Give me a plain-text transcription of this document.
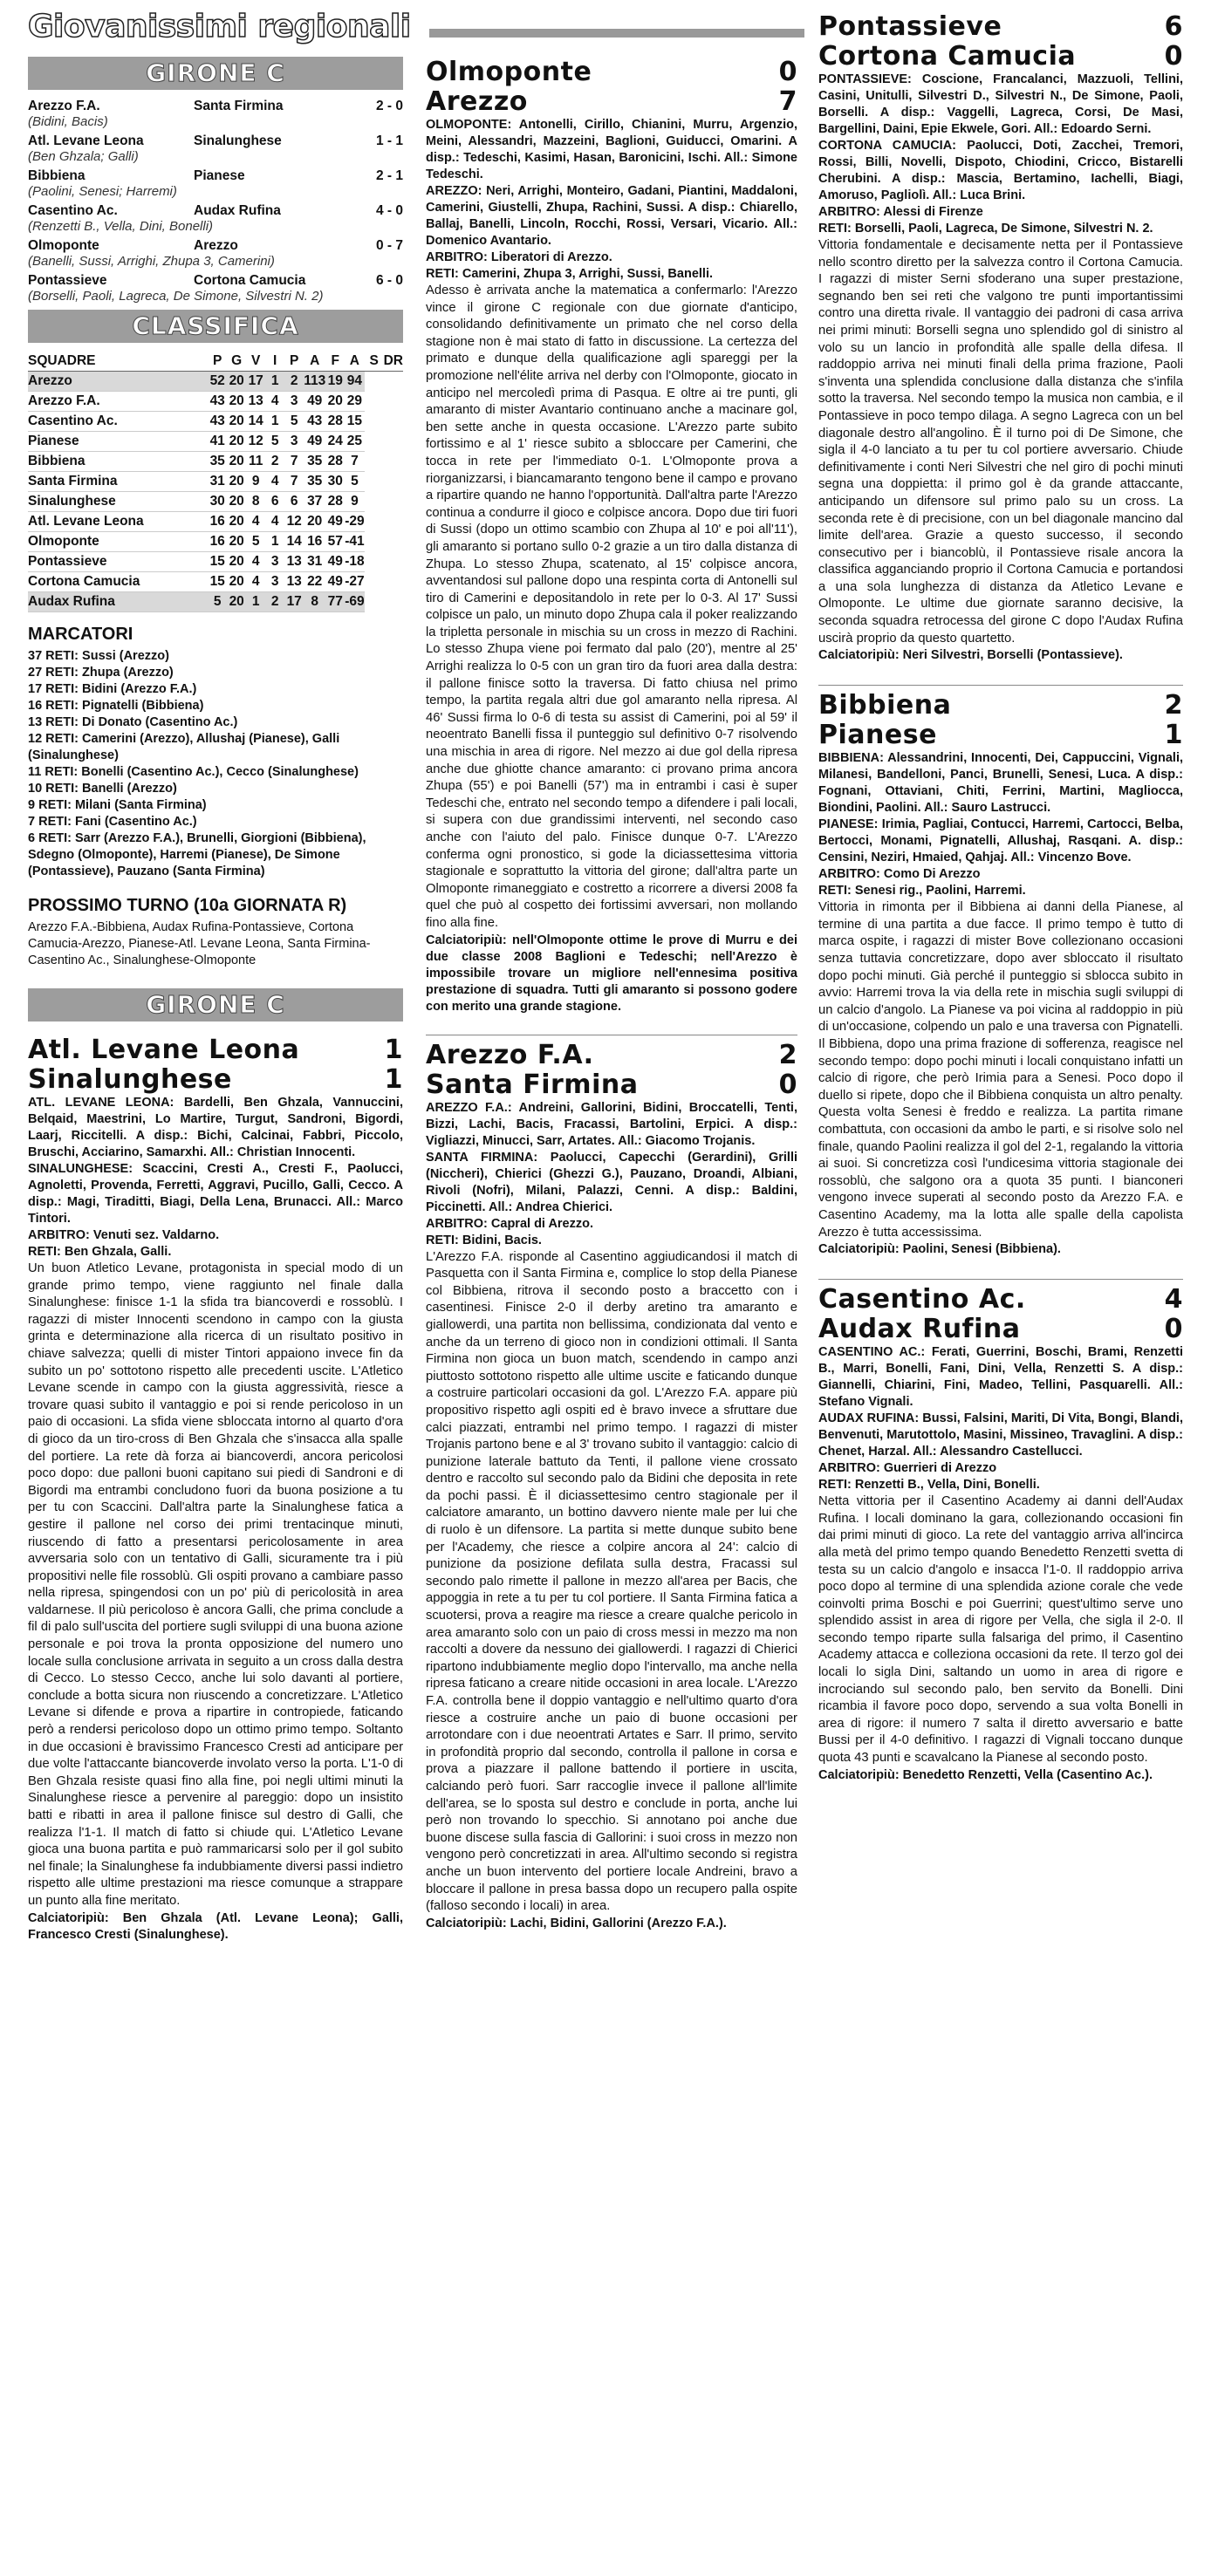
Giovanissimi regionali
GIRONE C
Arezzo F.A.	Santa Firmina	2 - 0
(Bidini, Bacis)
Atl. Levane Leona	Sinalunghese	1 - 1
(Ben Ghzala; Galli)
Bibbiena	Pianese	2 - 1
(Paolini, Senesi; Harremi)
Casentino Ac.	Audax Rufina	4 - 0
(Renzetti B., Vella, Dini, Bonelli)
Olmoponte	Arezzo	0 - 7
(Banelli, Sussi, Arrighi, Zhupa 3, Camerini)
Pontassieve	Cortona Camucia	6 - 0
(Borselli, Paoli, Lagreca, De Simone, Silvestri N. 2)
CLASSIFICA
SQUADRE	P	G	V	I	P	A	F	A	S	DR
Arezzo	52	20	17	1	2	113	19	94		
Arezzo F.A.	43	20	13	4	3	49	20	29		
Casentino Ac.	43	20	14	1	5	43	28	15		
Pianese	41	20	12	5	3	49	24	25		
Bibbiena	35	20	11	2	7	35	28	7		
Santa Firmina	31	20	9	4	7	35	30	5		
Sinalunghese	30	20	8	6	6	37	28	9		
Atl. Levane Leona	16	20	4	4	12	20	49	-29		
Olmoponte	16	20	5	1	14	16	57	-41		
Pontassieve	15	20	4	3	13	31	49	-18		
Cortona Camucia	15	20	4	3	13	22	49	-27		
Audax Rufina	5	20	1	2	17	8	77	-69		
MARCATORI
37 RETI: Sussi (Arezzo)
27 RETI: Zhupa (Arezzo)
17 RETI: Bidini (Arezzo F.A.)
16 RETI: Pignatelli (Bibbiena)
13 RETI: Di Donato (Casentino Ac.)
12 RETI: Camerini (Arezzo), Allushaj (Pianese), Galli (Sinalunghese)
11 RETI: Bonelli (Casentino Ac.), Cecco (Sinalunghese)
10 RETI: Banelli (Arezzo)
9 RETI: Milani (Santa Firmina)
7 RETI: Fani (Casentino Ac.)
6 RETI: Sarr (Arezzo F.A.), Brunelli, Giorgioni (Bibbiena), Sdegno (Olmoponte), Harremi (Pianese), De Simone (Pontassieve), Pauzano (Santa Firmina)
PROSSIMO TURNO (10a GIORNATA R)
Arezzo F.A.-Bibbiena, Audax Rufina-Pontassieve, Cortona Camucia-Arezzo, Pianese-Atl. Levane Leona, Santa Firmina-Casentino Ac., Sinalunghese-Olmoponte
GIRONE C
Atl. Levane Leona	1
Sinalunghese	1
ATL. LEVANE LEONA: Bardelli, Ben Ghzala, Vannuccini, Belqaid, Maestrini, Lo Martire, Turgut, Sandroni, Bigordi, Laarj, Riccitelli. A disp.: Bichi, Calcinai, Fabbri, Piccolo, Bruschi, Acciarino, Samarxhi. All.: Christian Innocenti.
SINALUNGHESE: Scaccini, Cresti A., Cresti F., Paolucci, Agnoletti, Provenda, Ferretti, Aggravi, Pucillo, Galli, Cecco. A disp.: Magi, Tiraditti, Biagi, Della Lena, Brunacci. All.: Marco Tintori.
ARBITRO: Venuti sez. Valdarno.
RETI: Ben Ghzala, Galli.
Un buon Atletico Levane, protagonista in special modo di un grande primo tempo, viene raggiunto nel finale dalla Sinalunghese: finisce 1-1 la sfida tra biancoverdi e rossoblù. I ragazzi di mister Innocenti scendono in campo con la giusta grinta e determinazione alla ricerca di un risultato positivo in chiave salvezza; quelli di mister Tintori appaiono invece fin da subito un po' sottotono rispetto alle precedenti uscite. L'Atletico Levane scende in campo con la giusta aggressività, riesce a trovare quasi subito il vantaggio e poi si rende pericoloso in un paio di occasioni. La sfida viene sbloccata intorno al quarto d'ora di gioco da un tiro-cross di Ben Ghzala che s'insacca alla spalle del portiere. La rete dà forza ai biancoverdi, ancora pericolosi poco dopo: due palloni buoni capitano sui piedi di Sandroni e di Bigordi ma entrambi concludono fuori da buona posizione a tu per tu con Scaccini. Dall'altra parte la Sinalunghese fatica a gestire il pallone nel corso dei primi trentacinque minuti, riuscendo di fatto a presentarsi pericolosamente in area avversaria solo con un tentativo di Galli, sicuramente tra i più propositivi nelle file rossoblù. Gli ospiti provano a cambiare passo nella ripresa, spingendosi con un po' più di pericolosità in area valdarnese. Il più pericoloso è ancora Galli, che prima conclude a fil di palo sull'uscita del portiere sugli sviluppi di una buona azione personale e poi trova la pronta opposizione del numero uno locale sulla conclusione arrivata in seguito a un cross dalla destra di Cecco. Lo stesso Cecco, anche lui solo davanti al portiere, conclude a botta sicura non riuscendo a concretizzare. L'Atletico Levane si difende e prova a ripartire in contropiede, faticando però a rendersi pericoloso dopo un ottimo primo tempo. Soltanto in due occasioni è bravissimo Francesco Cresti ad anticipare per due volte l'attaccante biancoverde involato verso la porta. L'1-0 di Ben Ghzala resiste quasi fino alla fine, poi negli ultimi minuti la Sinalunghese riesce a pervenire al pareggio: dopo un insistito batti e ribatti in area il pallone finisce sul destro di Galli, che realizza l'1-1. Il match di fatto si chiude qui. L'Atletico Levane gioca una buona partita e può rammaricarsi solo per il gol subito nel finale; la Sinalunghese fa indubbiamente diversi passi indietro rispetto alle ultime prestazioni ma riesce comunque a strappare un punto alla fine meritato.
Calciatoripiù: Ben Ghzala (Atl. Levane Leona); Galli, Francesco Cresti (Sinalunghese).
Olmoponte	0
Arezzo	7
OLMOPONTE: Antonelli, Cirillo, Chianini, Murru, Argenzio, Meini, Alessandri, Mazzeini, Baglioni, Guiducci, Omarini. A disp.: Tedeschi, Kasimi, Hasan, Baronicini, Ischi. All.: Simone Tedeschi.
AREZZO: Neri, Arrighi, Monteiro, Gadani, Piantini, Maddaloni, Camerini, Giustelli, Zhupa, Rachini, Sussi. A disp.: Chiarello, Ballaj, Banelli, Lincoln, Rocchi, Rossi, Versari, Vicario. All.: Domenico Avantario.
ARBITRO: Liberatori di Arezzo.
RETI: Camerini, Zhupa 3, Arrighi, Sussi, Banelli.
Adesso è arrivata anche la matematica a confermarlo: l'Arezzo vince il girone C regionale con due giornate d'anticipo, consolidando definitivamente un primato che nel corso della stagione non è mai stato di fatto in discussione. La certezza del primato e dunque della qualificazione agli spareggi per la promozione nell'élite arriva nel derby con l'Olmoponte, giocato in anticipo nel mercoledì prima di Pasqua. E oltre ai tre punti, gli amaranto di mister Avantario continuano anche a macinare gol, ben sette anche in questa occasione. L'Arezzo parte subito fortissimo e al 1' riesce subito a sbloccare per Camerini, che tocca in rete per l'immediato 0-1. L'Olmoponte prova a riorganizzarsi, i biancamaranto tengono bene il campo e provano a ripartire quando ne hanno l'opportunità. Dall'altra parte l'Arezzo continua a condurre il gioco e colpisce ancora. Dopo due tiri fuori di Sussi (dopo un ottimo scambio con Zhupa al 10' e poi all'11'), gli amaranto si portano sullo 0-2 grazie a un tiro dalla distanza di Zhupa. Lo stesso Zhupa, scatenato, al 15' colpisce ancora, avventandosi sul pallone dopo una respinta corta di Antonelli sul tiro di Camerini e depositandolo in rete per lo 0-3. Al 17' Sussi colpisce un palo, un minuto dopo Zhupa cala il poker realizzando la tripletta personale in mischia su un cross in mezzo di Rachini. Lo stesso Zhupa viene poi fermato dal palo (20'), mentre al 25' Arrighi realizza lo 0-5 con un gran tiro da fuori area dalla destra: il pallone finisce sotto la traversa. Di fatto chiusa nel primo tempo, la partita regala altri due gol amaranto nella ripresa. Al 46' Sussi firma lo 0-6 di testa su assist di Camerini, poi al 59' il neoentrato Banelli fissa il punteggio sul definitivo 0-7 risolvendo una mischia in area di rigore. Nel mezzo ai due gol della ripresa anche due ghiotte chance amaranto: ci provano prima ancora Zhupa (55') e poi Banelli (57') ma in entrambi i casi è super Tedeschi che, entrato nel secondo tempo a difendere i pali locali, si supera con due grandissimi interventi, nel secondo caso anche con l'aiuto del palo. Finisce dunque 0-7. L'Arezzo conferma ogni pronostico, si gode la diciassettesima vittoria stagionale e soprattutto la vittoria del girone; dall'altra parte un Olmoponte rimaneggiato e costretto a ricorrere a diversi 2008 fa quel che può al cospetto dei fortissimi avversari, non mollando fino alla fine.
Calciatoripiù: nell'Olmoponte ottime le prove di Murru e dei due classe 2008 Baglioni e Tedeschi; nell'Arezzo è impossibile trovare un migliore nell'ennesima positiva prestazione di squadra. Tutti gli amaranto si possono godere con merito una grande stagione.
Arezzo F.A.	2
Santa Firmina	0
AREZZO F.A.: Andreini, Gallorini, Bidini, Broccatelli, Tenti, Bizzi, Lachi, Bacis, Fracassi, Bartolini, Erpici. A disp.: Vigliazzi, Minucci, Sarr, Artates. All.: Giacomo Trojanis.
SANTA FIRMINA: Paolucci, Capecchi (Gerardini), Grilli (Niccheri), Chierici (Ghezzi G.), Pauzano, Droandi, Albiani, Rivoli (Nofri), Milani, Palazzi, Cenni. A disp.: Baldini, Piccinetti. All.: Andrea Chierici.
ARBITRO: Capral di Arezzo.
RETI: Bidini, Bacis.
L'Arezzo F.A. risponde al Casentino aggiudicandosi il match di Pasquetta con il Santa Firmina e, complice lo stop della Pianese col Bibbiena, ritrova il secondo posto a braccetto con i casentinesi. Finisce 2-0 il derby aretino tra amaranto e giallowerdi, una partita non bellissima, condizionata dal vento e anche da un terreno di gioco non in condizioni ottimali. Il Santa Firmina non gioca un buon match, scendendo in campo anzi piuttosto sottotono rispetto alle ultime uscite e faticando dunque a costruire particolari occasioni da gol. L'Arezzo F.A. appare più propositivo rispetto agli ospiti ed è bravo invece a sfruttare due calci piazzati, entrambi nel primo tempo. I ragazzi di mister Trojanis partono bene e al 3' trovano subito il vantaggio: calcio di punizione laterale battuto da Tenti, il pallone viene crossato dentro e raccolto sul secondo palo da Bidini che deposita in rete da pochi passi. È il diciassettesimo centro stagionale per il calciatore amaranto, un bottino davvero niente male per lui che di ruolo è un difensore. La partita si mette dunque subito bene per l'Academy, che riesce a colpire ancora al 24': calcio di punizione da posizione defilata sulla destra, Fracassi sul secondo palo rimette il pallone in mezzo all'area per Bacis, che appoggia in rete a tu per tu col portiere. Il Santa Firmina fatica a scuotersi, prova a reagire ma riesce a creare qualche pericolo in area amaranto solo con un paio di cross messi in mezzo ma non raccolti a dovere da nessuno dei giallowerdi. I ragazzi di Chierici ripartono indubbiamente meglio dopo l'intervallo, ma anche nella ripresa faticano a creare nitide occasioni in area locale. L'Arezzo F.A. controlla bene il doppio vantaggio e nell'ultimo quarto d'ora riesce a costruire anche un paio di buone occasioni per arrotondare con i due neoentrati Artates e Sarr. Il primo, servito in profondità proprio dal secondo, controlla il pallone in corsa e prova a piazzare il pallone battendo il portiere in uscita, calciando però fuori. Sarr raccoglie invece il pallone all'limite dell'area, se lo sposta sul destro e conclude in porta, anche lui però non trovando lo specchio. Si annotano poi anche due buone discese sulla fascia di Gallorini: i suoi cross in mezzo non vengono però concretizzati in area. All'ultimo secondo si registra anche un buon intervento del portiere locale Andreini, bravo a bloccare il pallone in presa bassa dopo un recupero palla ospite (falloso secondo i locali) in area.
Calciatoripiù: Lachi, Bidini, Gallorini (Arezzo F.A.).
Pontassieve	6
Cortona Camucia	0
PONTASSIEVE: Coscione, Francalanci, Mazzuoli, Tellini, Casini, Unitulli, Silvestri D., Silvestri N., De Simone, Paoli, Borselli. A disp.: Vaggelli, Lagreca, Corsi, De Masi, Bargellini, Daini, Epie Ekwele, Gori. All.: Edoardo Serni.
CORTONA CAMUCIA: Paolucci, Doti, Zacchei, Tremori, Rossi, Billi, Novelli, Dispoto, Chiodini, Cricco, Bistarelli Cherubini. A disp.: Mascia, Bertamino, Iachelli, Biagi, Amoruso, Pagliolì. All.: Luca Brini.
ARBITRO: Alessi di Firenze
RETI: Borselli, Paoli, Lagreca, De Simone, Silvestri N. 2.
Vittoria fondamentale e decisamente netta per il Pontassieve nello scontro diretto per la salvezza contro il Cortona Camucia. I ragazzi di mister Serni sfoderano una super prestazione, segnando ben sei reti che valgono tre punti importantissimi contro una diretta rivale. Il vantaggio dei padroni di casa arriva nei primi minuti: Borselli segna uno splendido gol di sinistro al volo su un lancio in profondità alle spalle della difesa. Il raddoppio arriva nei minuti finali della prima frazione, Paoli s'inventa una splendida conclusione dalla distanza che s'infila sotto la traversa. Nel secondo tempo la musica non cambia, e il Pontassieve in poco tempo dilaga. A segno Lagreca con un bel diagonale destro all'angolino. È il turno poi di De Simone, che sigla il 4-0 lanciato a tu per tu col portiere avversario. Chiude definitivamente i conti Neri Silvestri che nel giro di pochi minuti segna una doppietta: il primo gol è da grande attaccante, anticipando un difensore sul primo palo su un cross. La seconda rete è di precisione, con un bel diagonale mancino dal limite dell'area. Grazie a questo successo, il secondo consecutivo per i biancoblù, il Pontassieve risale ancora la classifica agganciando proprio il Cortona Camucia e portandosi a una sola lunghezza di distanza da Atletico Levane e Olmoponte. Le ultime due giornate saranno decisive, la seconda squadra retrocessa del girone C dopo l'Audax Rufina uscirà proprio da questo quartetto.
Calciatoripiù: Neri Silvestri, Borselli (Pontassieve).
Bibbiena	2
Pianese	1
BIBBIENA: Alessandrini, Innocenti, Dei, Cappuccini, Vignali, Milanesi, Bandelloni, Panci, Brunelli, Senesi, Luca. A disp.: Fognani, Ottaviani, Chiti, Ferrini, Martini, Magliocca, Biondini, Paolini. All.: Sauro Lastrucci.
PIANESE: Irimia, Pagliai, Contucci, Harremi, Cartocci, Belba, Bertocci, Monami, Pignatelli, Allushaj, Rasqani. A. disp.: Censini, Neziri, Hmaied, Qahjaj. All.: Vincenzo Bove.
ARBITRO: Como Di Arezzo
RETI: Senesi rig., Paolini, Harremi.
Vittoria in rimonta per il Bibbiena ai danni della Pianese, al termine di una partita a due facce. Il primo tempo è tutto di marca ospite, i ragazzi di mister Bove collezionano occasioni senza tuttavia concretizzare, dopo aver sbloccato il risultato dopo pochi minuti. Già perché il punteggio si sblocca subito in avvio: Harremi trova la via della rete in mischia sugli sviluppi di un calcio d'angolo. La Pianese va poi vicina al raddoppio in più di un'occasione, colpendo un palo e una traversa con Pignatelli. Il Bibbiena, dopo una prima frazione di sofferenza, reagisce nel secondo tempo: dopo pochi minuti i locali conquistano infatti un calcio di rigore, che però Irimia para a Senesi. Poco dopo il duello si ripete, dopo che il Bibbiena conquista un altro penalty. Questa volta Senesi è freddo e realizza. La partita rimane combattuta, con occasioni da ambo le parti, e si risolve solo nel finale, quando Paolini realizza il gol del 2-1, regalando la vittoria ai suoi. Si concretizza così l'undicesima vittoria stagionale dei rossoblù, che salgono ora a quota 35 punti. I bianconeri vengono invece superati al secondo posto da Arezzo F.A. e Casentino Academy, ma la lotta alle spalle della capolista Arezzo è tutta accessissima.
Calciatoripiù: Paolini, Senesi (Bibbiena).
Casentino Ac.	4
Audax Rufina	0
CASENTINO AC.: Ferati, Guerrini, Boschi, Brami, Renzetti B., Marri, Bonelli, Fani, Dini, Vella, Renzetti S. A disp.: Giannelli, Chiarini, Fini, Madeo, Tellini, Pasquarelli. All.: Stefano Vignali.
AUDAX RUFINA: Bussi, Falsini, Mariti, Di Vita, Bongi, Blandi, Benvenuti, Marutottolo, Masini, Missineo, Travaglini. A disp.: Chenet, Harzal. All.: Alessandro Castellucci.
ARBITRO: Guerrieri di Arezzo
RETI: Renzetti B., Vella, Dini, Bonelli.
Netta vittoria per il Casentino Academy ai danni dell'Audax Rufina. I locali dominano la gara, collezionando occasioni fin dai primi minuti di gioco. La rete del vantaggio arriva all'incirca alla metà del primo tempo quando Benedetto Renzetti svetta di testa su un calcio d'angolo e insacca l'1-0. Il raddoppio arriva poco dopo al termine di una splendida azione corale che vede coinvolti prima Boschi e poi Guerrini; quest'ultimo serve uno splendido assist in area di rigore per Vella, che sigla il 2-0. Il secondo tempo riparte sulla falsariga del primo, il Casentino Academy attacca e colleziona occasioni da rete. Il terzo gol dei locali lo sigla Dini, saltando un uomo in area di rigore e incrociando sul secondo palo, ben servito da Bonelli. Dini ricambia il favore poco dopo, servendo a sua volta Bonelli in area di rigore: il numero 7 salta il diretto avversario e batte Bussi per il 4-0 definitivo. I ragazzi di Vignali toccano dunque quota 43 punti e scavalcano la Pianese al secondo posto.
Calciatoripiù: Benedetto Renzetti, Vella (Casentino Ac.).
